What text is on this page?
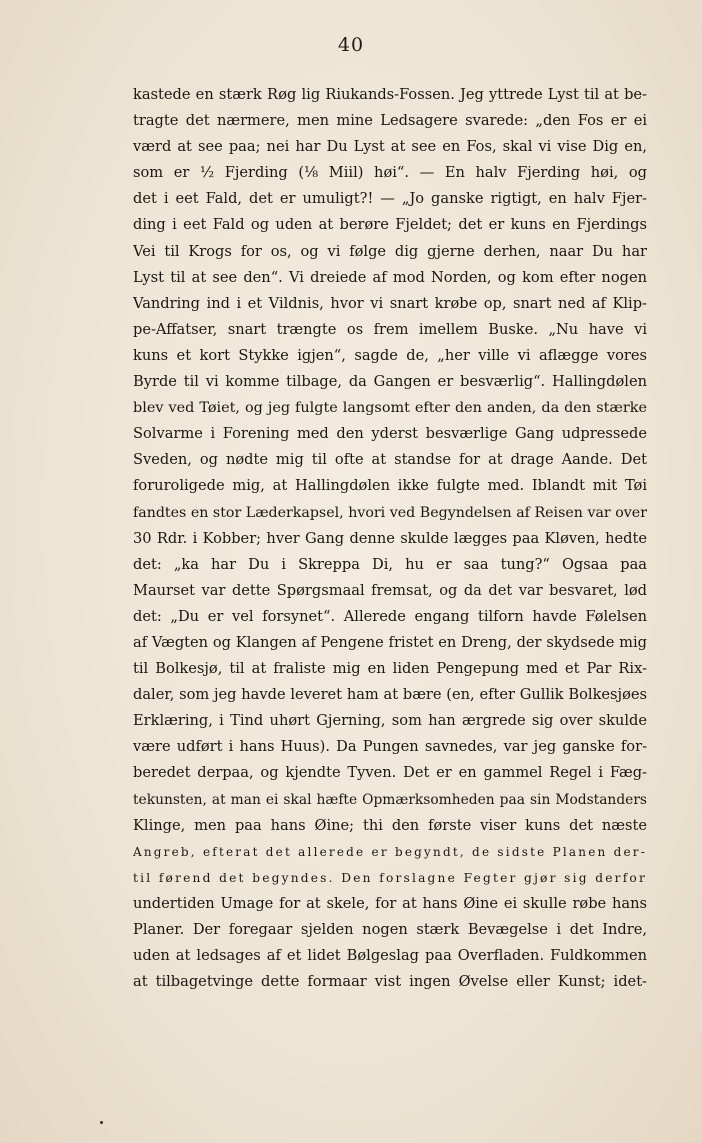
40
kastede en stærk Røg lig Riukands-Fossen. Jeg yttrede Lyst til at be-
tragte det nærmere, men mine Ledsagere svarede: „den Fos er ei
værd at see paa; nei har Du Lyst at see en Fos, skal vi vise Dig en,
som er ½ Fjerding (⅛ Miil) høi“. — En halv Fjerding høi, og
det i eet Fald, det er umuligt?! — „Jo ganske rigtigt, en halv Fjer-
ding i eet Fald og uden at berøre Fjeldet; det er kuns en Fjerdings
Vei til Krogs for os, og vi følge dig gjerne derhen, naar Du har
Lyst til at see den“. Vi dreiede af mod Norden, og kom efter nogen
Vandring ind i et Vildnis, hvor vi snart krøbe op, snart ned af Klip-
pe-Affatser, snart trængte os frem imellem Buske. „Nu have vi
kuns et kort Stykke igjen“, sagde de, „her ville vi aflægge vores
Byrde til vi komme tilbage, da Gangen er besværlig“. Hallingdølen
blev ved Tøiet, og jeg fulgte langsomt efter den anden, da den stærke
Solvarme i Forening med den yderst besværlige Gang udpressede
Sveden, og nødte mig til ofte at standse for at drage Aande. Det
foruroligede mig, at Hallingdølen ikke fulgte med. Iblandt mit Tøi
fandtes en stor Læderkapsel, hvori ved Begyndelsen af Reisen var over
30 Rdr. i Kobber; hver Gang denne skulde lægges paa Kløven, hedte
det: „ka har Du i Skreppa Di, hu er saa tung?“ Ogsaa paa
Maurset var dette Spørgsmaal fremsat, og da det var besvaret, lød
det: „Du er vel forsynet“. Allerede engang tilforn havde Følelsen
af Vægten og Klangen af Pengene fristet en Dreng, der skydsede mig
til Bolkesjø, til at fraliste mig en liden Pengepung med et Par Rix-
daler, som jeg havde leveret ham at bære (en, efter Gullik Bolkesjøes
Erklæring, i Tind uhørt Gjerning, som han ærgrede sig over skulde
være udført i hans Huus). Da Pungen savnedes, var jeg ganske for-
beredet derpaa, og kjendte Tyven. Det er en gammel Regel i Fæg-
tekunsten, at man ei skal hæfte Opmærksomheden paa sin Modstanders
Klinge, men paa hans Øine; thi den første viser kuns det næste
Angreb, efterat det allerede er begyndt, de sidste Planen der-
til førend det begyndes. Den forslagne Fegter gjør sig derfor
undertiden Umage for at skele, for at hans Øine ei skulle røbe hans
Planer. Der foregaar sjelden nogen stærk Bevægelse i det Indre,
uden at ledsages af et lidet Bølgeslag paa Overfladen. Fuldkommen
at tilbagetvinge dette formaar vist ingen Øvelse eller Kunst; idet-
